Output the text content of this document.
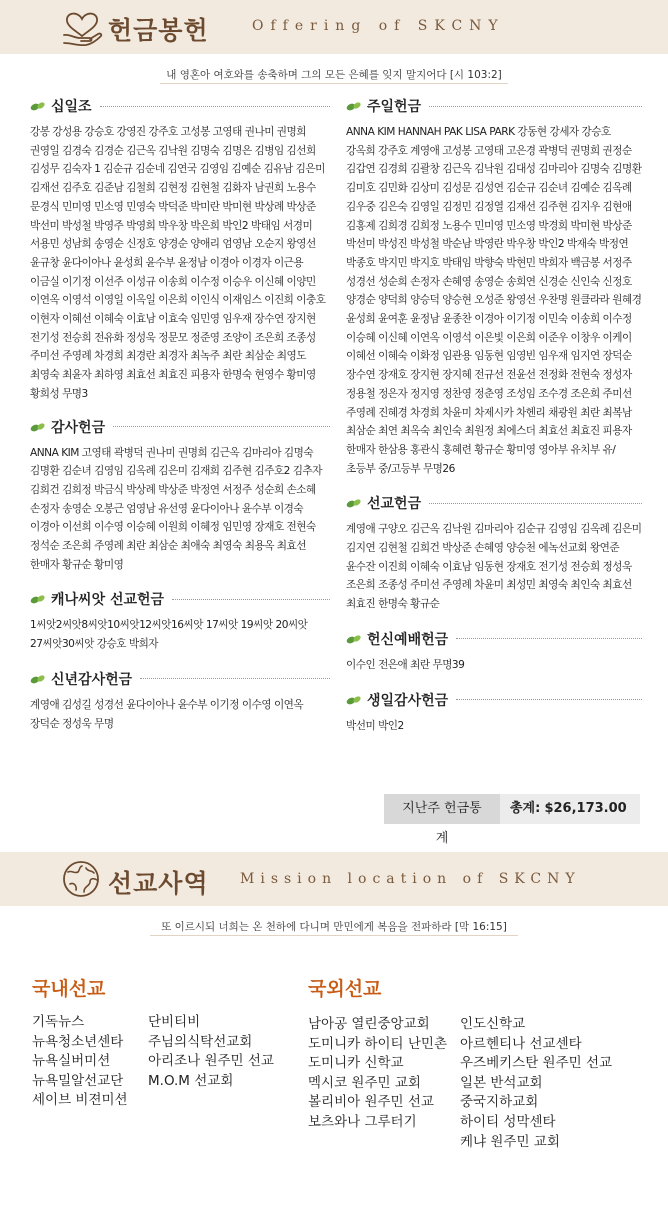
헌금봉헌	Offering of SKCNY
내 영혼아 여호와를 송축하며 그의 모든 은혜를 잊지 말지어다 [시 103:2]
십일조
강봉 강성용 강승호 강영진 강주호 고성봉 고영태 권나미 권명희 권영일 김경숙 김경순 김근옥 김낙원 김명숙 김명은 김병임 김선희 김성무 김숙자 1 김순규 김순네 김연국 김영임 김예순 김유남 김은미 김재선 김주호 김준남 김철희 김현정 김현철 김화자 남권희 노용수 문경식 민미영 민소영 민영숙 박덕준 박미란 박미현 박상례 박상준 박선미 박성철 박영주 박영희 박우창 박은희 박인2 박태임 서경미 서용민 성남희 송영순 신정호 양경순 양애리 엄영남 오순지 왕영선 윤규창 윤다이아나 윤성희 윤수부 윤정남 이경아 이경자 이근용 이금실 이기정 이선주 이성규 이송희 이수정 이승우 이신혜 이양민 이연옥 이영석 이영일 이옥일 이은희 이인식 이재임스 이진희 이충호 이현자 이혜선 이혜숙 이효남 이효숙 임민영 임우재 장수연 장지현 전기성 전승희 전유화 정성욱 정문모 정준영 조양이 조은희 조종성 주미선 주영례 차경희 최경란 최경자 최녹주 최란 최삼순 최영도 최영숙 최윤자 최하영 최효선 최효진 피용자 한명숙 현영수 황미영 황희성 무명3
감사헌금
ANNA KIM 고영태 곽병덕 권나미 권명희 김근옥 김마리아 김명숙 김명환 김순녀 김영임 김옥례 김은미 김재희 김주현 김주호2 김추자 김희건 김희정 박금식 박상례 박상준 박정연 서정주 성순희 손소혜 손정자 송영순 오봉근 엄영남 유선영 윤다이아나 윤수부 이경숙 이경아 이선희 이수영 이승혜 이원희 이혜정 임민영 장재호 전현숙 정석순 조은희 주영례 최란 최삼순 최애숙 최영숙 최용옥 최효선 한매자 황규순 황미영
캐나씨앗 선교헌금
1씨앗2씨앗8씨앗10씨앗12씨앗16씨앗 17씨앗 19씨앗 20씨앗 27씨앗30씨앗 강승호 박희자
신년감사헌금
계영애 김성길 성경선 윤다이아나 윤수부 이기정 이수영 이연옥 장덕순 정성욱 무명
주일헌금
ANNA KIM HANNAH PAK LISA PARK 강동현 강세자 강승호 강옥희 강주호 계영애 고성봉 고영태 고은경 곽병덕 권명희 권정순 김갑연 김경희 김괄창 김근옥 김낙원 김대성 김마리아 김명숙 김명환 김미호 김민화 김상미 김성문 김성연 김순규 김순녀 김예순 김옥례 김우중 김은숙 김영일 김정민 김정열 김재선 김주현 김지우 김현애 김홍제 김희경 김희정 노용수 민미영 민소영 박경희 박미현 박상준 박선미 박성진 박성철 박순남 박영란 박우창 박인2 박재숙 박정연 박종호 박지민 박지호 박태임 박향숙 박현민 박희자 백금봉 서정주 성경선 성순희 손정자 손혜영 송영순 송희연 신경순 신인숙 신정호 양경순 양덕희 양승덕 양승현 오성준 왕영선 우찬명 원클라라 원혜경 윤성희 윤여훈 윤정남 윤종찬 이경아 이기정 이민숙 이송희 이수정 이승혜 이신혜 이연옥 이영석 이은빛 이은희 이준우 이창우 이케이 이혜선 이혜숙 이화정 임관용 임동현 임영빈 임우재 임지연 장덕순 장수연 장재호 장지현 장지혜 전규선 전윤선 전정화 전현숙 정성자 정용철 정은자 정지영 정찬영 정춘영 조성임 조수경 조은희 주미선 주영례 진혜경 차경희 차윤미 차제시카 차헨리 채광원 최란 최복남 최삼순 최연 최옥숙 최인숙 최원정 최에스더 최효선 최효진 피용자 한매자 한삼용 홍관식 홍혜련 황규순 황미영 영아부 유치부 유/초등부 중/고등부 무명26
선교헌금
계영애 구양오 김근옥 김낙원 김마리아 김순규 김영임 김옥례 김은미 김지연 김현철 김희건 박상준 손혜영 양승천 에녹선교회 왕연준 윤수잔 이진희 이혜숙 이효남 임동현 장재호 전기성 전승희 정성욱 조은희 조종성 주미선 주영례 차윤미 최성민 최영숙 최인숙 최효선 최효진 한명숙 황규순
헌신예배헌금
이수인 전은애 최란 무명39
생일감사헌금
박선미 박인2
지난주 헌금통계
총계: $26,173.00
선교사역 Mission location of SKCNY
또 이르시되 너희는 온 천하에 다니며 만민에게 복음을 전파하라 [막 16:15]
국내선교
기독뉴스
뉴욕청소년센타
뉴욕실버미션
뉴욕밀알선교단
세이브 비젼미션
단비티비
주님의식탁선교회
아리조나 원주민 선교
M.O.M 선교회
국외선교
남아공 열린중앙교회
도미니카 하이티 난민촌
도미니카 신학교
멕시코 원주민 교회
볼리비아 원주민 선교
보츠와나 그루터기
인도신학교
아르헨티나 선교센타
우즈베키스탄 원주민 선교
일본 반석교회
중국지하교회
하이티 성막센타
케냐 원주민 교회
